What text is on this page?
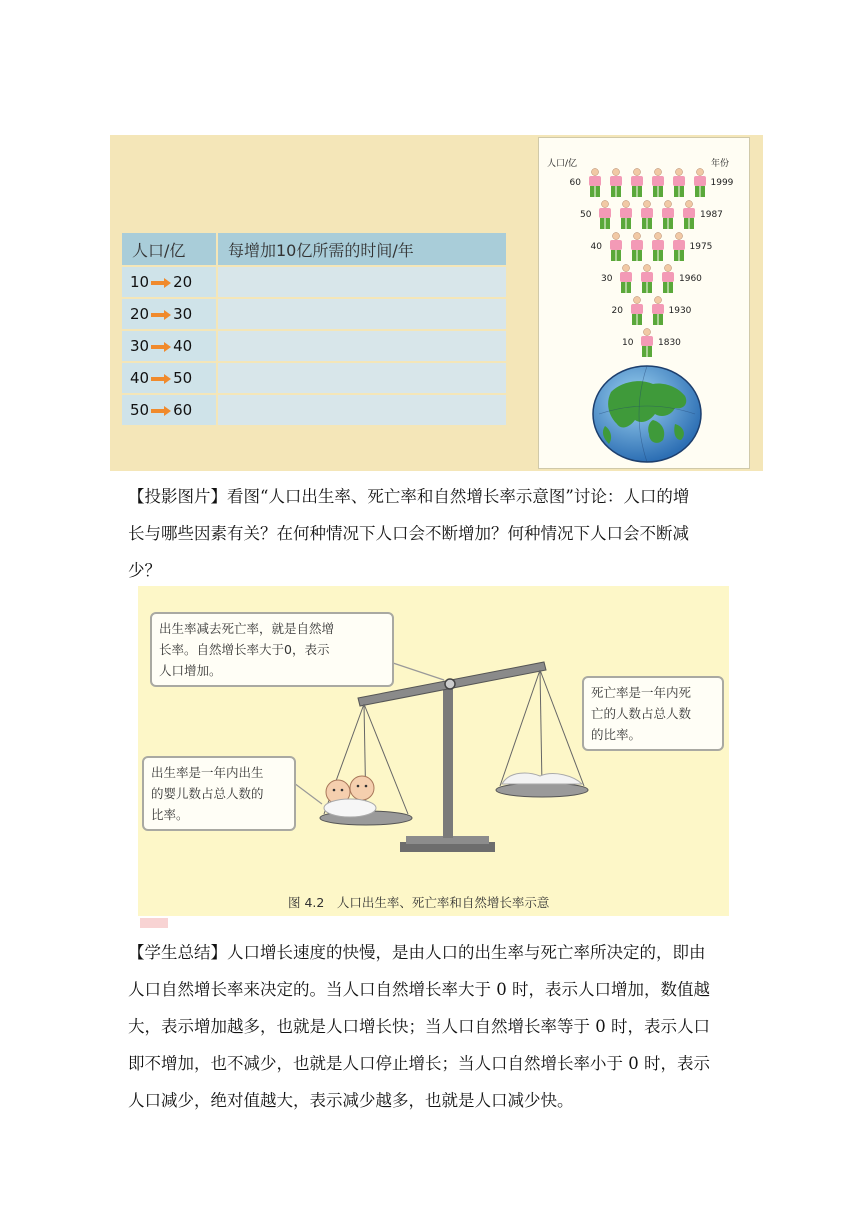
人口/亿	每增加10亿所需的时间/年
10 20	
20 30	
30 40	
40 50	
50 60	
人口/亿	年份
60	1999
50	1987
40	1975
30	1960
20	1930
10	1830
【投影图片】看图“人口出生率、死亡率和自然增长率示意图”讨论：人口的增
长与哪些因素有关？在何种情况下人口会不断增加？何种情况下人口会不断减
少？
出生率减去死亡率，就是自然增
长率。自然增长率大于0，表示
人口增加。
出生率是一年内出生
的婴儿数占总人数的
比率。
死亡率是一年内死
亡的人数占总人数
的比率。
图 4.2　人口出生率、死亡率和自然增长率示意
【学生总结】人口增长速度的快慢，是由人口的出生率与死亡率所决定的，即由
人口自然增长率来决定的。当人口自然增长率大于 0 时，表示人口增加，数值越
大，表示增加越多，也就是人口增长快；当人口自然增长率等于 0 时，表示人口
即不增加，也不减少，也就是人口停止增长；当人口自然增长率小于 0 时，表示
人口减少，绝对值越大，表示减少越多，也就是人口减少快。
